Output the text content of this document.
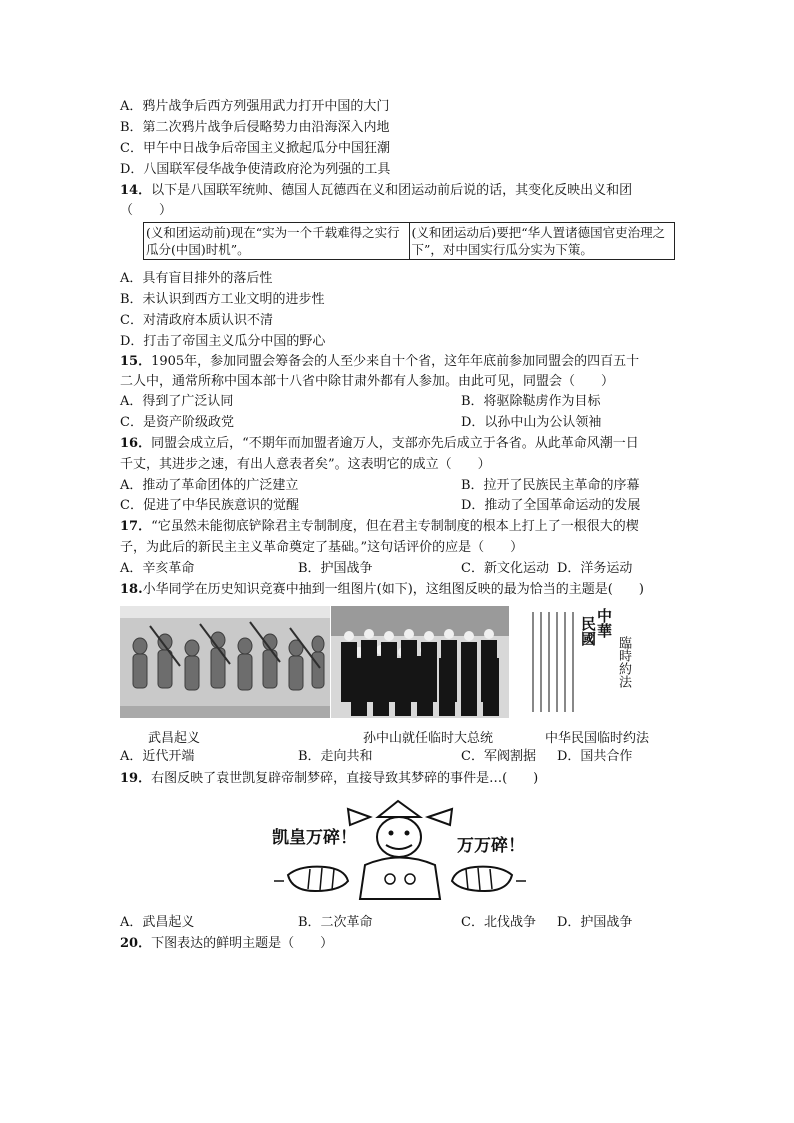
A．鸦片战争后西方列强用武力打开中国的大门
B．第二次鸦片战争后侵略势力由沿海深入内地
C．甲午中日战争后帝国主义掀起瓜分中国狂潮
D．八国联军侵华战争使清政府沦为列强的工具
14．以下是八国联军统帅、德国人瓦德西在义和团运动前后说的话，其变化反映出义和团
（　　）
(义和团运动前)现在“实为一个千载难得之实行瓜分(中国)时机”。	(义和团运动后)要把“华人置诸德国官吏治理之下”，对中国实行瓜分实为下策。
A．具有盲目排外的落后性
B．未认识到西方工业文明的进步性
C．对清政府本质认识不清
D．打击了帝国主义瓜分中国的野心
15．1905年，参加同盟会筹备会的人至少来自十个省，这年年底前参加同盟会的四百五十
二人中，通常所称中国本部十八省中除甘肃外都有人参加。由此可见，同盟会（　　）
A．得到了广泛认同	B．将驱除鞑虏作为目标
C．是资产阶级政党	D．以孙中山为公认领袖
16．同盟会成立后，“不期年而加盟者逾万人，支部亦先后成立于各省。从此革命风潮一日
千丈，其进步之速，有出人意表者矣”。这表明它的成立（　　）
A．推动了革命团体的广泛建立	B．拉开了民族民主革命的序幕
C．促进了中华民族意识的觉醒	D．推动了全国革命运动的发展
17．“它虽然未能彻底铲除君主专制制度，但在君主专制制度的根本上打上了一根很大的楔
子，为此后的新民主主义革命奠定了基础。”这句话评价的应是（　　）
A．辛亥革命	B．护国战争	C．新文化运动 D．洋务运动
18.小华同学在历史知识竞赛中抽到一组图片(如下)，这组图反映的最为恰当的主题是(　　)
中華
臨時約法
民國
武昌起义	孙中山就任临时大总统	中华民国临时约法
A．近代开端	B．走向共和	C．军阀割据 D．国共合作
19．右图反映了袁世凯复辟帝制梦碎，直接导致其梦碎的事件是…(　　)
凯皇万碎！	万万碎！
A．武昌起义	B．二次革命	C．北伐战争 D．护国战争
20．下图表达的鲜明主题是（　　）
